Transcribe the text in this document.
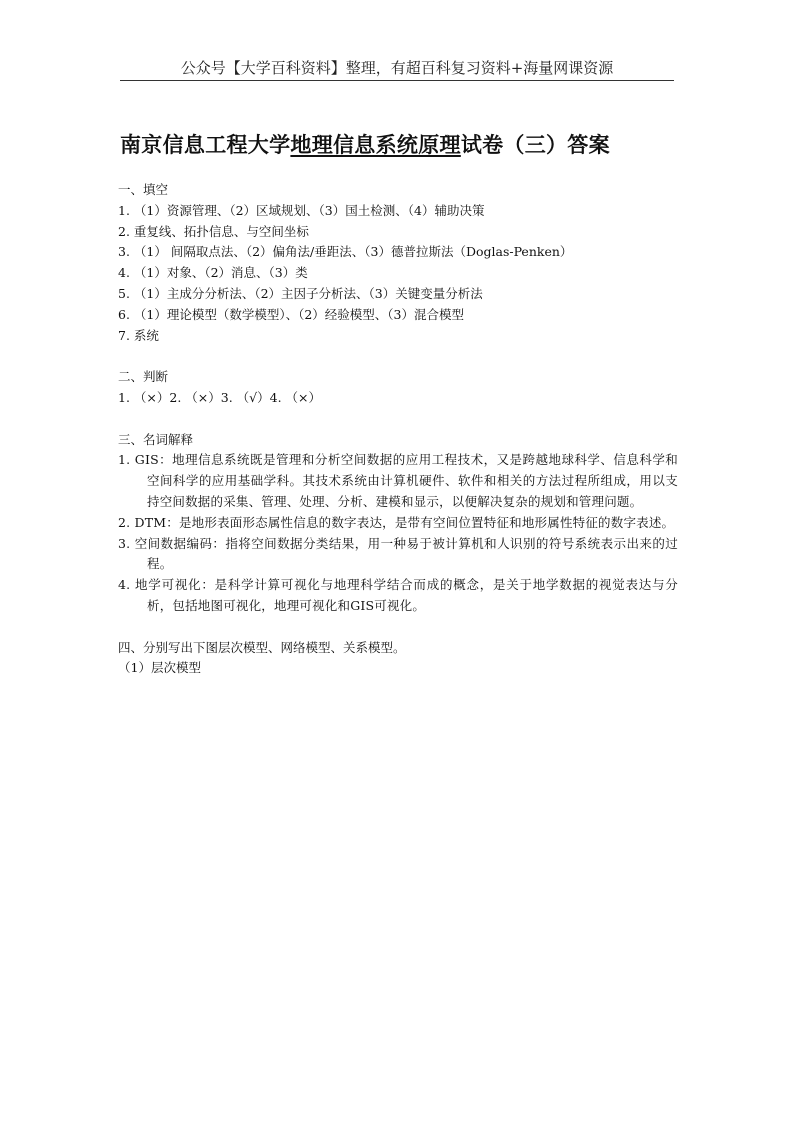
公众号【大学百科资料】整理，有超百科复习资料+海量网课资源
南京信息工程大学地理信息系统原理试卷（三）答案
一、填空
1. （1）资源管理、（2）区域规划、（3）国土检测、（4）辅助决策
2. 重复线、拓扑信息、与空间坐标
3. （1） 间隔取点法、（2）偏角法/垂距法、（3）德普拉斯法（Doglas-Penken）
4. （1）对象、（2）消息、（3）类
5. （1）主成分分析法、（2）主因子分析法、（3）关键变量分析法
6. （1）理论模型（数学模型）、（2）经验模型、（3）混合模型
7. 系统
二、判断
1. （×）2. （×）3. （√）4. （×）
三、名词解释
1. GIS：地理信息系统既是管理和分析空间数据的应用工程技术，又是跨越地球科学、信息科学和空间科学的应用基础学科。其技术系统由计算机硬件、软件和相关的方法过程所组成，用以支持空间数据的采集、管理、处理、分析、建模和显示，以便解决复杂的规划和管理问题。
2. DTM：是地形表面形态属性信息的数字表达，是带有空间位置特征和地形属性特征的数字表述。
3. 空间数据编码：指将空间数据分类结果，用一种易于被计算机和人识别的符号系统表示出来的过程。
4. 地学可视化：是科学计算可视化与地理科学结合而成的概念，是关于地学数据的视觉表达与分析，包括地图可视化，地理可视化和GIS可视化。
四、分别写出下图层次模型、网络模型、关系模型。
（1）层次模型
